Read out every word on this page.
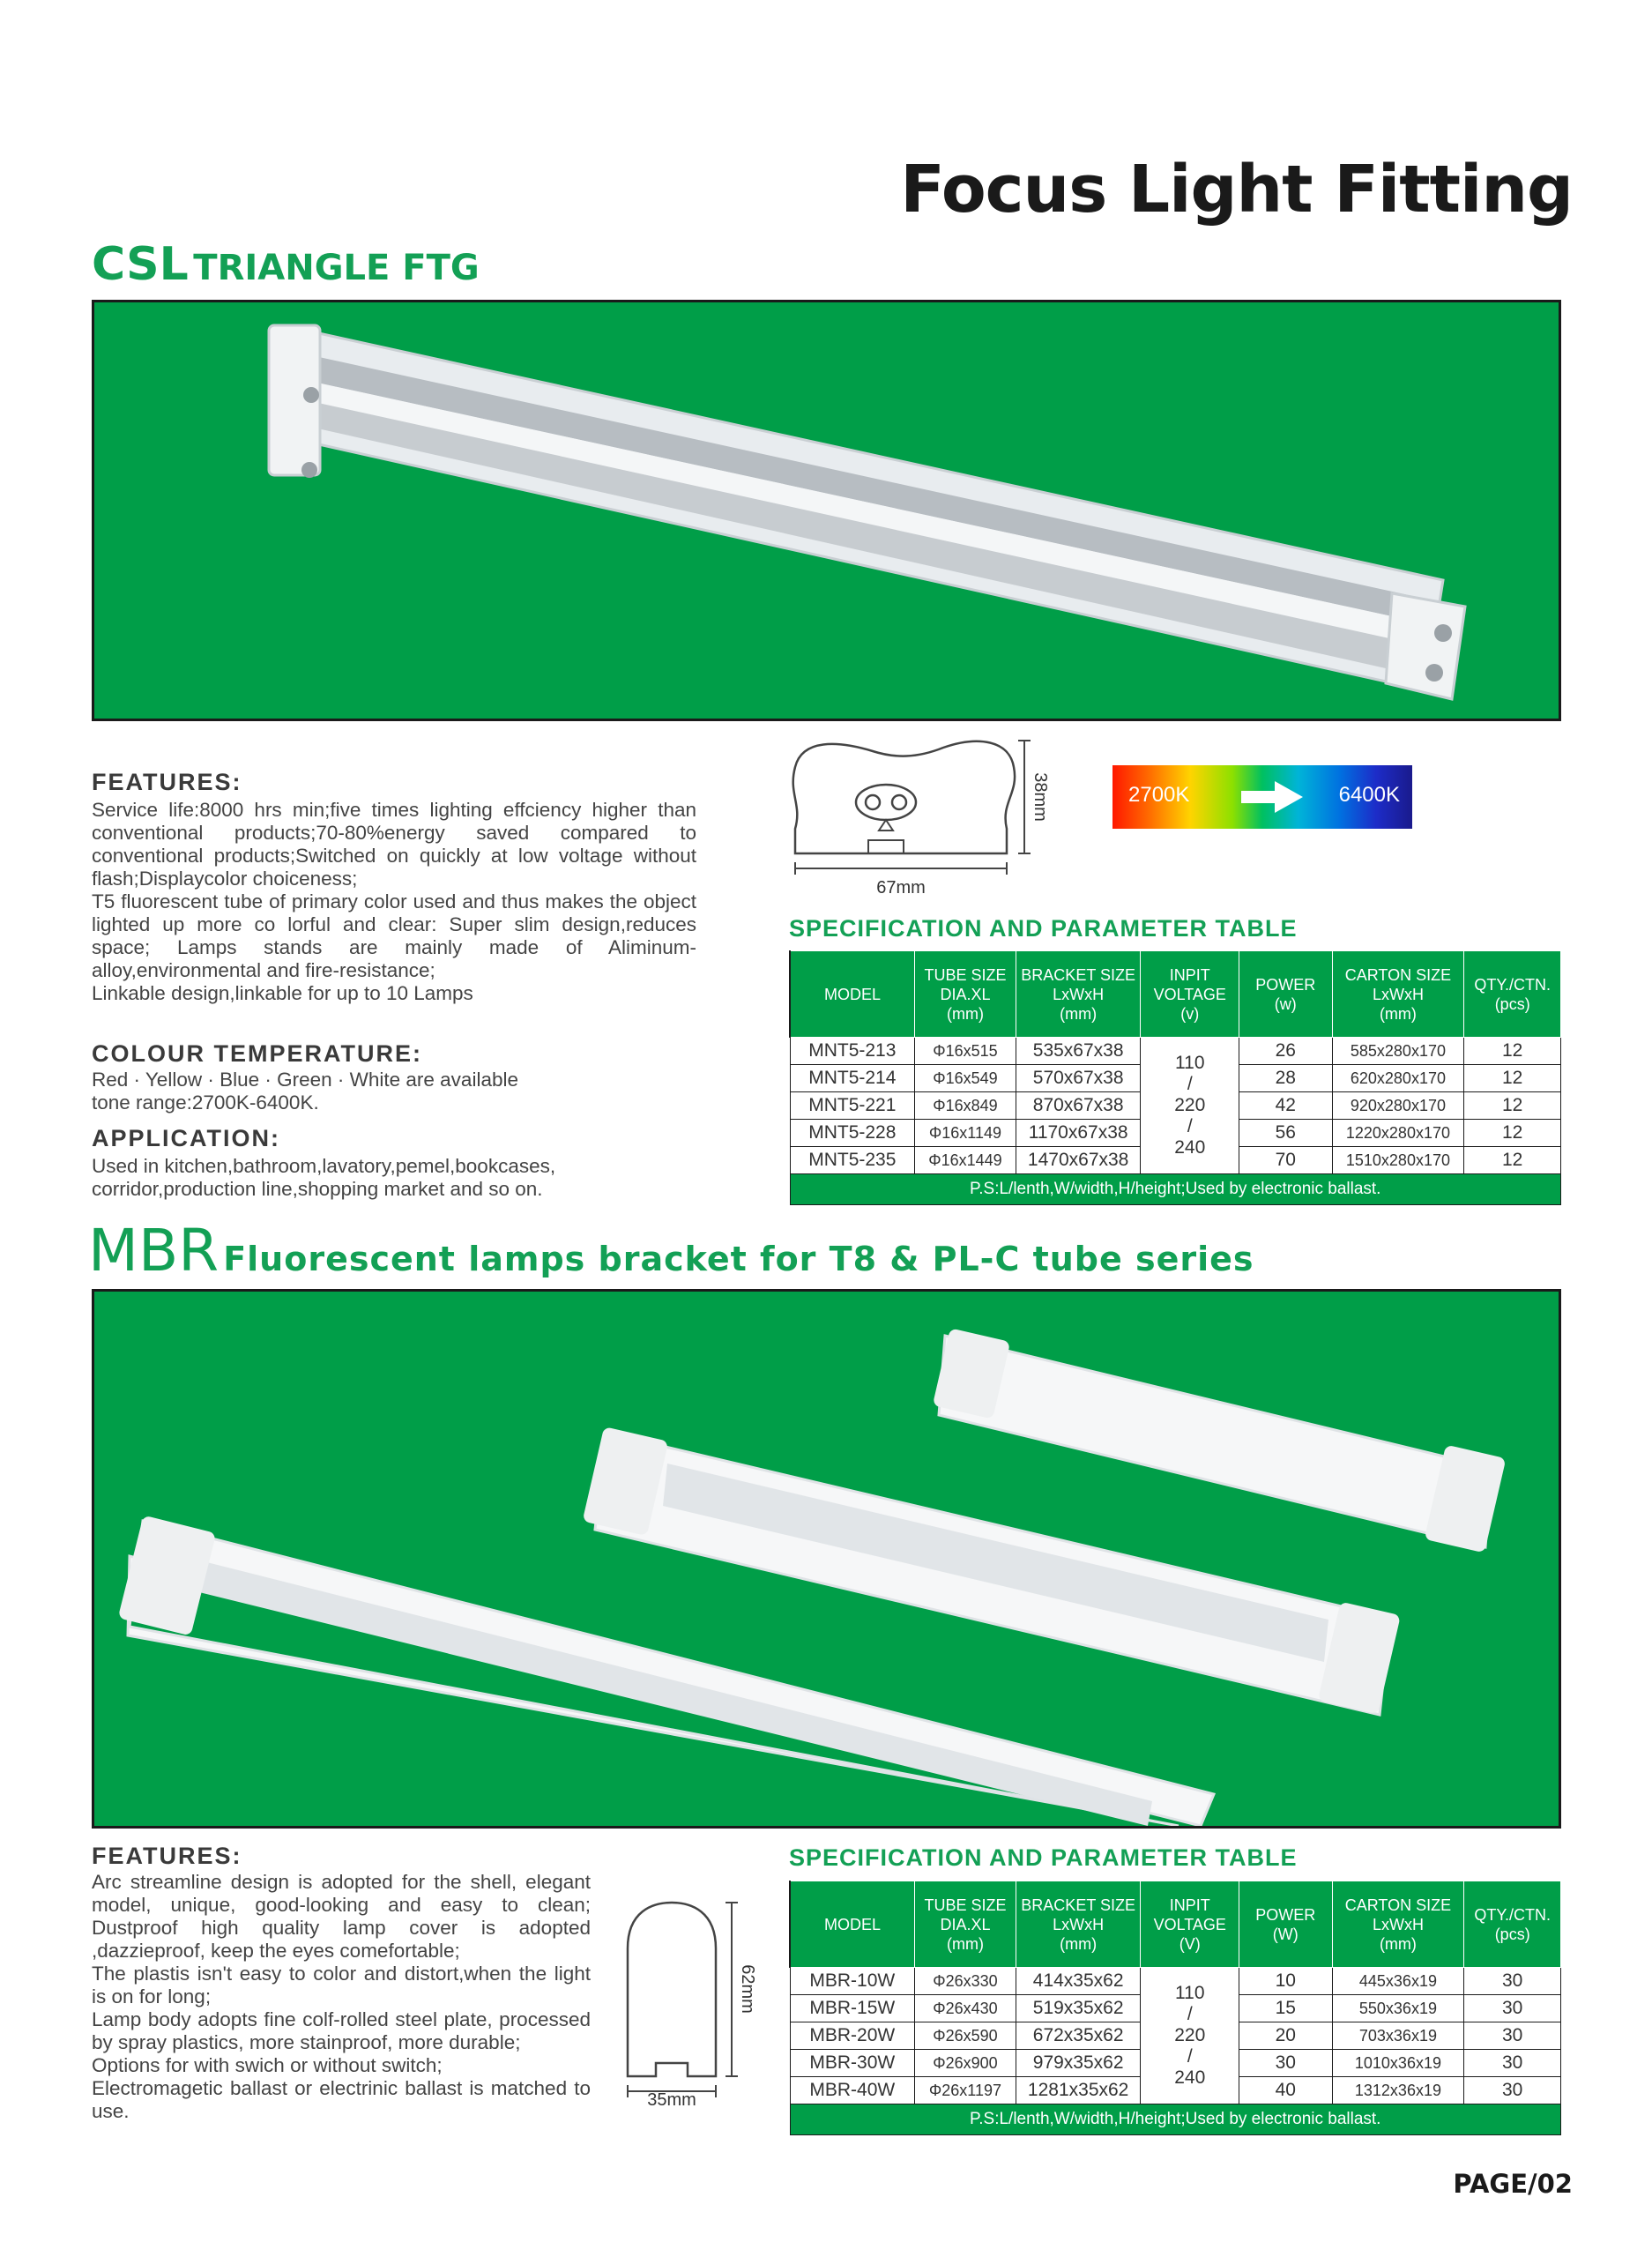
Focus Light Fitting
CSL TRIANGLE FTG
FEATURES:

Service life:8000 hrs min;five times lighting effciency higher than conventional products;70-80%energy saved compared to conventional products;Switched on quickly at low voltage without flash;Displaycolor choiceness;

T5 fluorescent tube of primary color used and thus makes the object lighted up more co lorful and clear: Super slim design,reduces space; Lamps stands are mainly made of Aliminum-alloy,environmental and fire-resistance;

Linkable design,linkable for up to 10 Lamps

COLOUR TEMPERATURE:

Red · Yellow · Blue · Green · White are available

tone range:2700K-6400K.

APPLICATION:

Used in kitchen,bathroom,lavatory,pemel,bookcases,

corridor,production line,shopping market and so on.

67mm
38mm	2700K	6400K
SPECIFICATION AND PARAMETER TABLE
MODEL	TUBE SIZE
DIA.XL
(mm)	BRACKET SIZE
LxWxH
(mm)	INPIT
VOLTAGE
(v)	POWER
(w)	CARTON SIZE
LxWxH
(mm)	QTY./CTN.
(pcs)
MNT5-213	Φ16x515	535x67x38	110
/
220
/
240	26	585x280x170	12
MNT5-214	Φ16x549	570x67x38		28	620x280x170	12
MNT5-221	Φ16x849	870x67x38		42	920x280x170	12
MNT5-228	Φ16x1149	1170x67x38		56	1220x280x170	12
MNT5-235	Φ16x1449	1470x67x38		70	1510x280x170	12
P.S:L/lenth,W/width,H/height;Used by electronic ballast.						
MBR Fluorescent lamps bracket for T8 & PL-C tube series
FEATURES:

Arc streamline design is adopted for the shell, elegant model, unique, good-looking and easy to clean; Dustproof high quality lamp cover is adopted ,dazzieproof, keep the eyes comefortable;

The plastis isn't easy to color and distort,when the light is on for long;

Lamp body adopts fine colf-rolled steel plate, processed by spray plastics, more stainproof, more durable;

Options for with swich or without switch;

Electromagetic ballast or electrinic ballast is matched to use.	35mm
62mm
SPECIFICATION AND PARAMETER TABLE
MODEL	TUBE SIZE
DIA.XL
(mm)	BRACKET SIZE
LxWxH
(mm)	INPIT
VOLTAGE
(V)	POWER
(W)	CARTON SIZE
LxWxH
(mm)	QTY./CTN.
(pcs)
MBR-10W	Φ26x330	414x35x62	110
/
220
/
240	10	445x36x19	30
MBR-15W	Φ26x430	519x35x62		15	550x36x19	30
MBR-20W	Φ26x590	672x35x62		20	703x36x19	30
MBR-30W	Φ26x900	979x35x62		30	1010x36x19	30
MBR-40W	Φ26x1197	1281x35x62		40	1312x36x19	30
P.S:L/lenth,W/width,H/height;Used by electronic ballast.						
PAGE/02
